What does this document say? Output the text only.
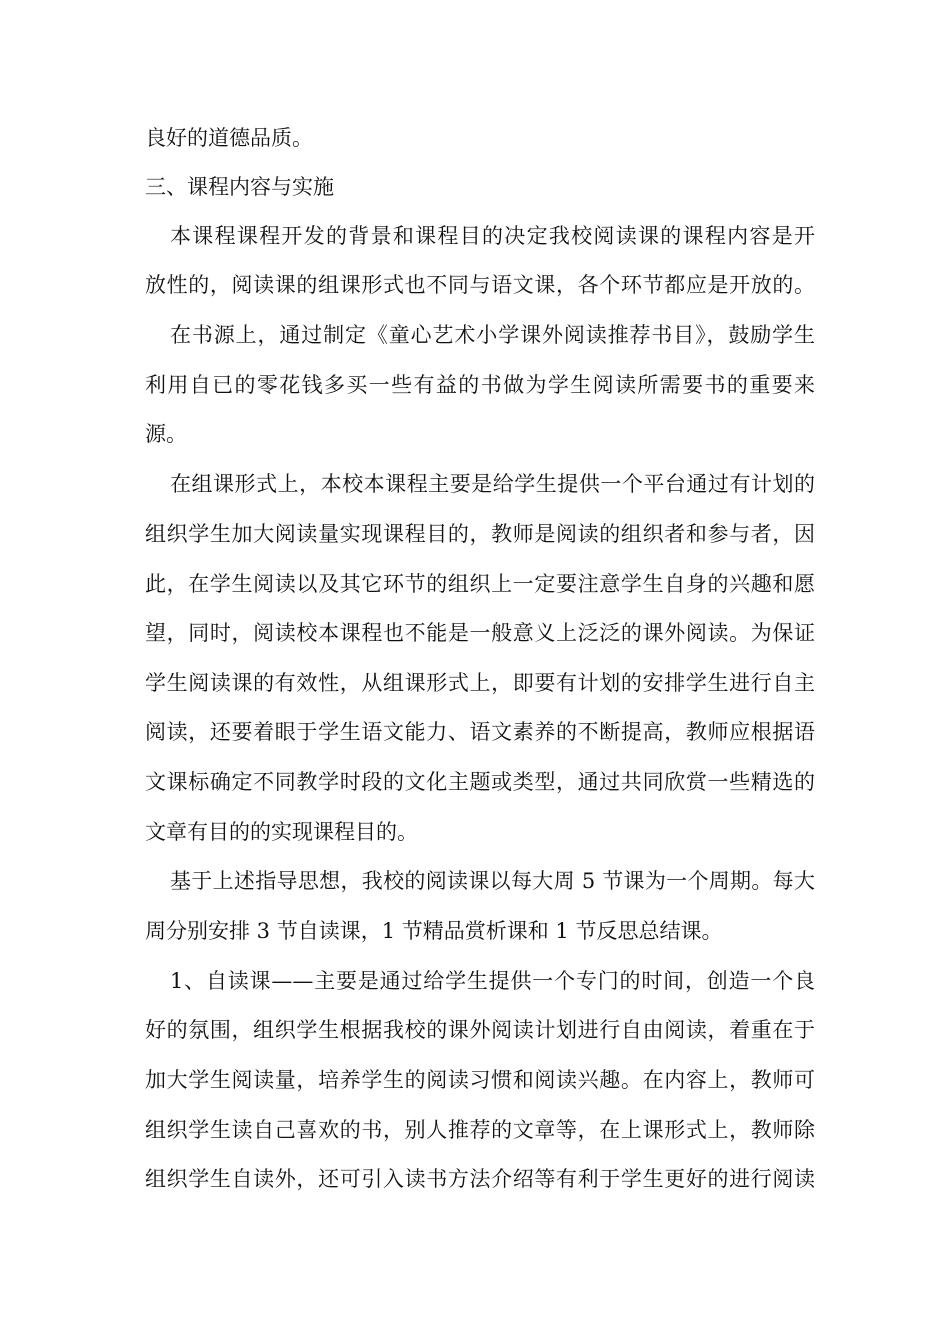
良好的道德品质。
三、课程内容与实施
本课程课程开发的背景和课程目的决定我校阅读课的课程内容是开
放性的，阅读课的组课形式也不同与语文课，各个环节都应是开放的。
在书源上，通过制定《童心艺术小学课外阅读推荐书目》，鼓励学生
利用自已的零花钱多买一些有益的书做为学生阅读所需要书的重要来
源。
在组课形式上，本校本课程主要是给学生提供一个平台通过有计划的
组织学生加大阅读量实现课程目的，教师是阅读的组织者和参与者，因
此，在学生阅读以及其它环节的组织上一定要注意学生自身的兴趣和愿
望，同时，阅读校本课程也不能是一般意义上泛泛的课外阅读。为保证
学生阅读课的有效性，从组课形式上，即要有计划的安排学生进行自主
阅读，还要着眼于学生语文能力、语文素养的不断提高，教师应根据语
文课标确定不同教学时段的文化主题或类型，通过共同欣赏一些精选的
文章有目的的实现课程目的。
基于上述指导思想，我校的阅读课以每大周 5 节课为一个周期。每大
周分别安排 3 节自读课，1 节精品赏析课和 1 节反思总结课。
1、自读课——主要是通过给学生提供一个专门的时间，创造一个良
好的氛围，组织学生根据我校的课外阅读计划进行自由阅读，着重在于
加大学生阅读量，培养学生的阅读习惯和阅读兴趣。在内容上，教师可
组织学生读自己喜欢的书，别人推荐的文章等，在上课形式上，教师除
组织学生自读外，还可引入读书方法介绍等有利于学生更好的进行阅读
